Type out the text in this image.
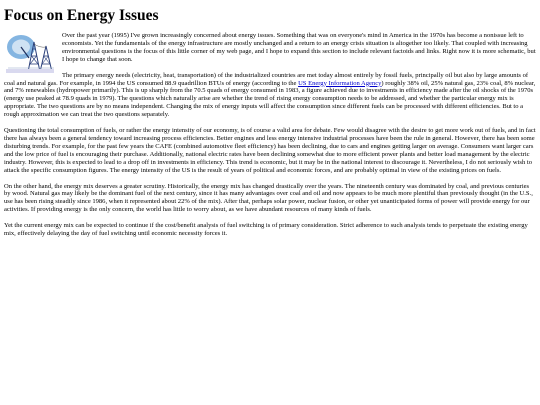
Focus on Energy Issues

Over the past year (1995) I've grown increasingly concerned about energy issues. Something that was on everyone's mind in America in the 1970s has become a nonissue left to economists. Yet the fundamentals of the energy infrastructure are mostly unchanged and a return to an energy crisis situation is altogether too likely. That coupled with increasing environmental questions is the focus of this little corner of my web page, and I hope to expand this section to include relevant factoids and links. Right now it is more schematic, but I hope to change that soon.

The primary energy needs (electricity, heat, transportation) of the industrialized countries are met today almost entirely by fossil fuels, principally oil but also by large amounts of coal and natural gas. For example, in 1994 the US consumed 88.9 quadrillion BTUs of energy (according to the US Energy Information Agency) roughly 38% oil, 25% natural gas, 23% coal, 8% nuclear, and 7% renewables (hydropower primarily). This is up sharply from the 70.5 quads of energy consumed in 1983, a figure achieved due to investments in efficiency made after the oil shocks of the 1970s (energy use peaked at 78.9 quads in 1979). The questions which naturally arise are whether the trend of rising energy consumption needs to be addressed, and whether the particular energy mix is appropriate. The two questions are by no means independent. Changing the mix of energy inputs will affect the consumption since different fuels can be processed with different efficiencies. But to a rough approximation we can treat the two questions separately.

Questioning the total consumption of fuels, or rather the energy intensity of our economy, is of course a valid area for debate. Few would disagree with the desire to get more work out of fuels, and in fact there has always been a general tendency toward increasing process efficiencies. Better engines and less energy intensive industrial processes have been the rule in general. However, there has been some disturbing trends. For example, for the past few years the CAFE (combined automotive fleet efficiency) has been declining, due to cars and engines getting larger on average. Consumers want larger cars and the low price of fuel is encouraging their purchase. Additionally, national electric rates have been declining somewhat due to more efficient power plants and better load management by the electric industry. However, this is expected to lead to a drop off in investments in efficiency. This trend is economic, but it may be in the national interest to discourage it. Nevertheless, I do not seriously wish to attack the specific consumption figures. The energy intensity of the US is the result of years of political and economic forces, and are probably optimal in view of the existing prices on fuels.

On the other hand, the energy mix deserves a greater scrutiny. Historically, the energy mix has changed drastically over the years. The nineteenth century was dominated by coal, and previous centuries by wood. Natural gas may likely be the dominant fuel of the next century, since it has many advantages over coal and oil and now appears to be much more plentiful than previously thought (in the U.S., use has been rising steadily since 1986, when it represented about 22% of the mix). After that, perhaps solar power, nuclear fusion, or other yet unanticipated forms of power will provide energy for our activities. If providing energy is the only concern, the world has little to worry about, as we have abundant resources of many kinds of fuels.

Yet the current energy mix can be expected to continue if the cost/benefit analysis of fuel switching is of primary consideration. Strict adherence to such analysis tends to perpetuate the existing energy mix, effectively delaying the day of fuel switching until economic necessity forces it.
